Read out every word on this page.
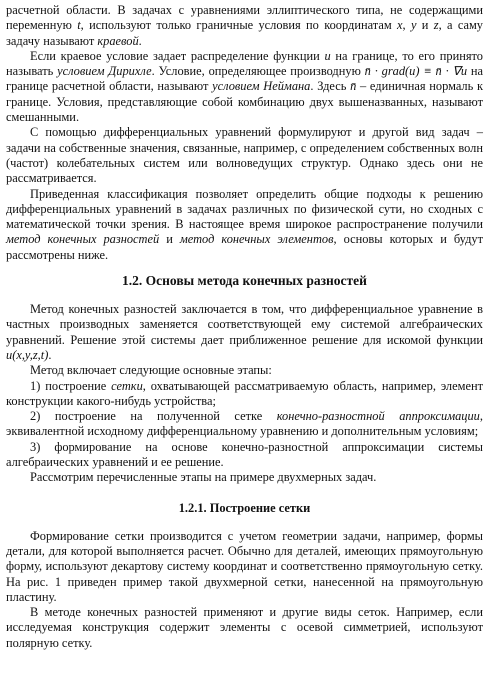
расчетной области. В задачах с уравнениями эллиптического типа, не содержащими переменную t, используют только граничные условия по координатам x, y и z, а саму задачу называют краевой.

Если краевое условие задает распределение функции u на границе, то его принято называть условием Дирихле. Условие, определяющее производную n̄ · grad(u) ≡ n̄ · ∇u на границе расчетной области, называют условием Неймана. Здесь n̄ – единичная нормаль к границе. Условия, представляющие собой комбинацию двух вышеназванных, называют смешанными.

С помощью дифференциальных уравнений формулируют и другой вид задач – задачи на собственные значения, связанные, например, с определением собственных волн (частот) колебательных систем или волноведущих структур. Однако здесь они не рассматривается.

Приведенная классификация позволяет определить общие подходы к решению дифференциальных уравнений в задачах различных по физической сути, но сходных с математической точки зрения. В настоящее время широкое распространение получили метод конечных разностей и метод конечных элементов, основы которых и будут рассмотрены ниже.

1.2. Основы метода конечных разностей

Метод конечных разностей заключается в том, что дифференциальное уравнение в частных производных заменяется соответствующей ему системой алгебраических уравнений. Решение этой системы дает приближенное решение для искомой функции u(x,y,z,t).

Метод включает следующие основные этапы:

1) построение сетки, охватывающей рассматриваемую область, например, элемент конструкции какого-нибудь устройства;

2) построение на полученной сетке конечно-разностной аппроксимации, эквивалентной исходному дифференциальному уравнению и дополнительным условиям;

3) формирование на основе конечно-разностной аппроксимации системы алгебраических уравнений и ее решение.

Рассмотрим перечисленные этапы на примере двухмерных задач.

1.2.1. Построение сетки

Формирование сетки производится с учетом геометрии задачи, например, формы детали, для которой выполняется расчет. Обычно для деталей, имеющих прямоугольную форму, используют декартову систему координат и соответственно прямоугольную сетку. На рис. 1 приведен пример такой двухмерной сетки, нанесенной на прямоугольную пластину.

В методе конечных разностей применяют и другие виды сеток. Например, если исследуемая конструкция содержит элементы с осевой симметрией, используют полярную сетку.
